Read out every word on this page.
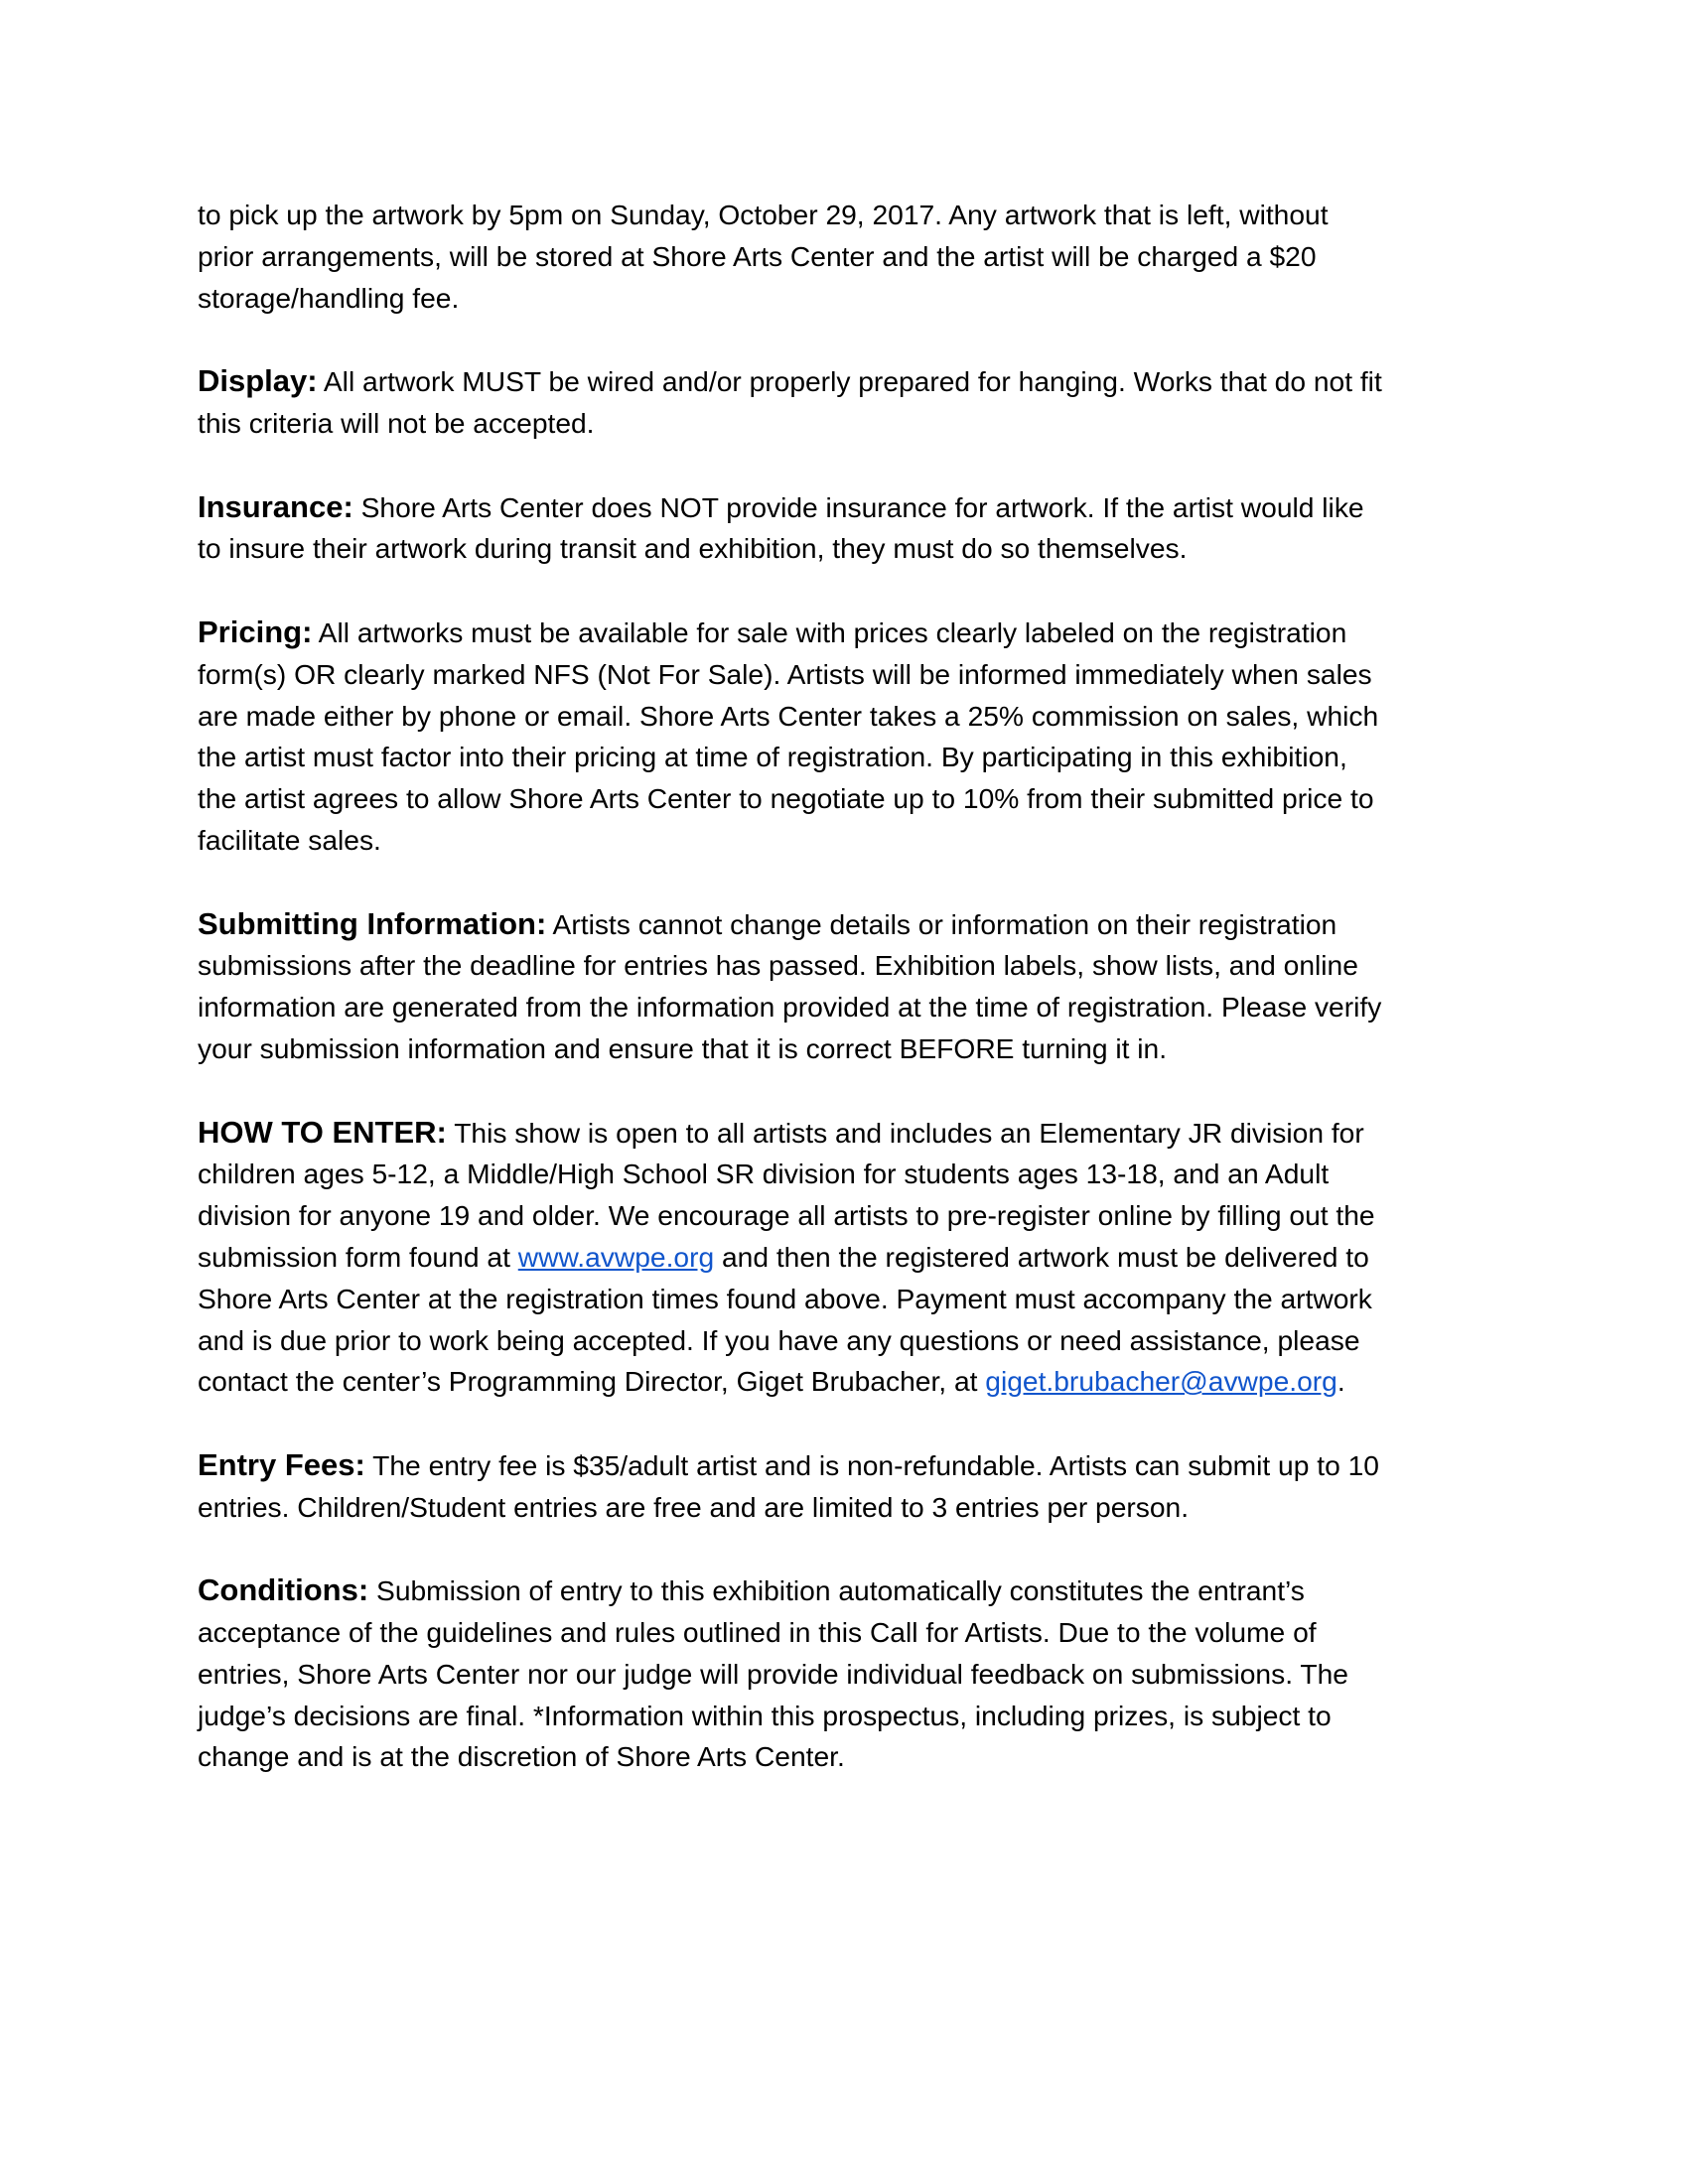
to pick up the artwork by 5pm on Sunday, October 29, 2017. Any artwork that is left, without
prior arrangements, will be stored at Shore Arts Center and the artist will be charged a $20
storage/handling fee.

Display: All artwork MUST be wired and/or properly prepared for hanging. Works that do not fit
this criteria will not be accepted.

Insurance: Shore Arts Center does NOT provide insurance for artwork. If the artist would like
to insure their artwork during transit and exhibition, they must do so themselves.

Pricing: All artworks must be available for sale with prices clearly labeled on the registration
form(s) OR clearly marked NFS (Not For Sale). Artists will be informed immediately when sales
are made either by phone or email. Shore Arts Center takes a 25% commission on sales, which
the artist must factor into their pricing at time of registration. By participating in this exhibition,
the artist agrees to allow Shore Arts Center to negotiate up to 10% from their submitted price to
facilitate sales.

Submitting Information: Artists cannot change details or information on their registration
submissions after the deadline for entries has passed. Exhibition labels, show lists, and online
information are generated from the information provided at the time of registration. Please verify
your submission information and ensure that it is correct BEFORE turning it in.

HOW TO ENTER: This show is open to all artists and includes an Elementary JR division for
children ages 5-12, a Middle/High School SR division for students ages 13-18, and an Adult
division for anyone 19 and older. We encourage all artists to pre-register online by filling out the
submission form found at www.avwpe.org and then the registered artwork must be delivered to
Shore Arts Center at the registration times found above. Payment must accompany the artwork
and is due prior to work being accepted. If you have any questions or need assistance, please
contact the center’s Programming Director, Giget Brubacher, at giget.brubacher@avwpe.org.

Entry Fees: The entry fee is $35/adult artist and is non-refundable. Artists can submit up to 10
entries. Children/Student entries are free and are limited to 3 entries per person.

Conditions: Submission of entry to this exhibition automatically constitutes the entrant’s
acceptance of the guidelines and rules outlined in this Call for Artists. Due to the volume of
entries, Shore Arts Center nor our judge will provide individual feedback on submissions. The
judge’s decisions are final. *Information within this prospectus, including prizes, is subject to
change and is at the discretion of Shore Arts Center.
